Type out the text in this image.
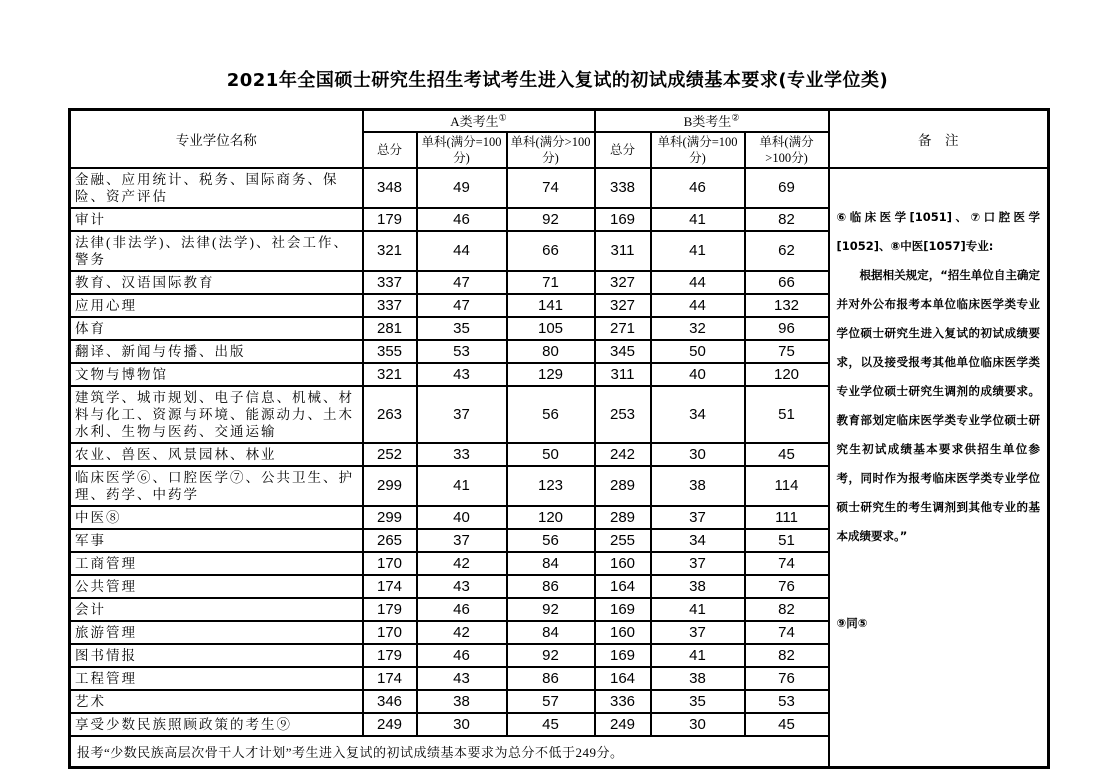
2021年全国硕士研究生招生考试考生进入复试的初试成绩基本要求(专业学位类)
专业学位名称	A类考生①			B类考生②			备　注
	总分	单科(满分=100分)	单科(满分>100分)	总分	单科(满分=100分)	单科(满分>100分)	
金融、应用统计、税务、国际商务、保险、资产评估	348	49	74	338	46	69	⑥临床医学[1051]、⑦口腔医学[1052]、⑧中医[1057]专业:
根据相关规定，“招生单位自主确定并对外公布报考本单位临床医学类专业学位硕士研究生进入复试的初试成绩要求，以及接受报考其他单位临床医学类专业学位硕士研究生调剂的成绩要求。教育部划定临床医学类专业学位硕士研究生初试成绩基本要求供招生单位参考，同时作为报考临床医学类专业学位硕士研究生的考生调剂到其他专业的基本成绩要求。”
⑨同⑤

审计	179	46	92	169	41	82	
法律(非法学)、法律(法学)、社会工作、警务	321	44	66	311	41	62	
教育、汉语国际教育	337	47	71	327	44	66	
应用心理	337	47	141	327	44	132	
体育	281	35	105	271	32	96	
翻译、新闻与传播、出版	355	53	80	345	50	75	
文物与博物馆	321	43	129	311	40	120	
建筑学、城市规划、电子信息、机械、材料与化工、资源与环境、能源动力、土木水利、生物与医药、交通运输	263	37	56	253	34	51	
农业、兽医、风景园林、林业	252	33	50	242	30	45	
临床医学⑥、口腔医学⑦、公共卫生、护理、药学、中药学	299	41	123	289	38	114	
中医⑧	299	40	120	289	37	111	
军事	265	37	56	255	34	51	
工商管理	170	42	84	160	37	74	
公共管理	174	43	86	164	38	76	
会计	179	46	92	169	41	82	
旅游管理	170	42	84	160	37	74	
图书情报	179	46	92	169	41	82	
工程管理	174	43	86	164	38	76	
艺术	346	38	57	336	35	53	
享受少数民族照顾政策的考生⑨	249	30	45	249	30	45	
报考“少数民族高层次骨干人才计划”考生进入复试的初试成绩基本要求为总分不低于249分。							
